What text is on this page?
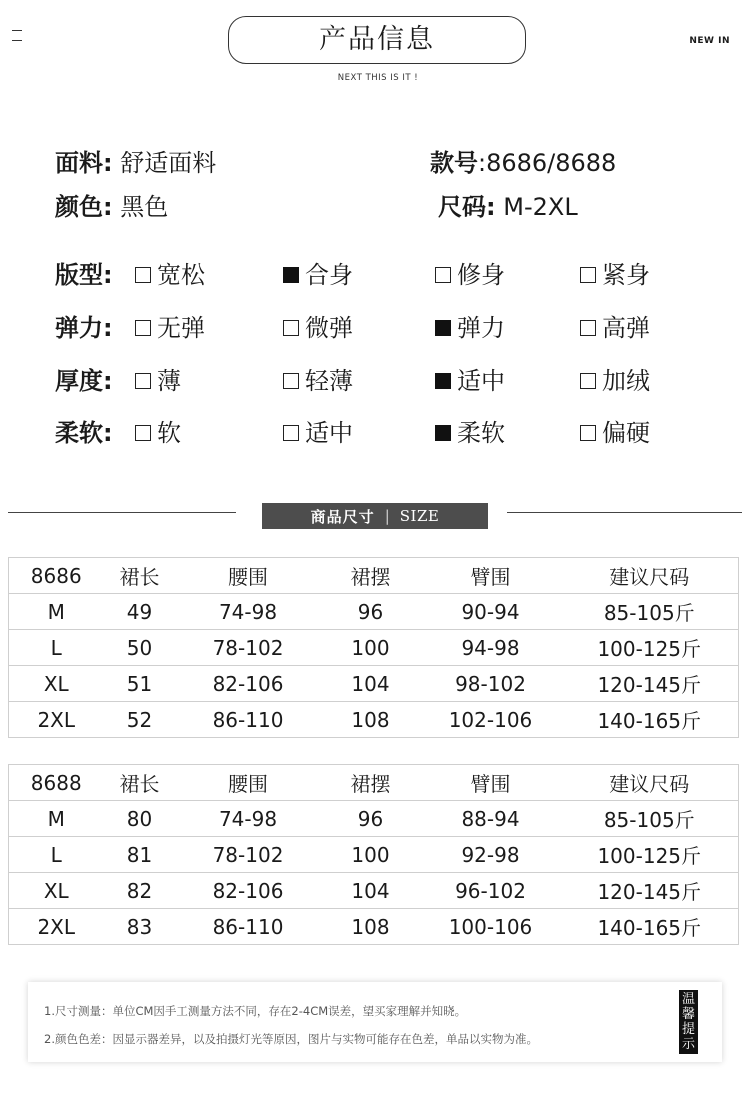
产品信息	NEW IN
NEXT THIS IS IT !
面料: 舒适面料	款号:8686/8688
颜色: 黑色	尺码: M-2XL
版型: 宽松	合身	修身	紧身
弹力: 无弹	微弹	弹力	高弹
厚度: 薄	轻薄	适中	加绒
柔软: 软	适中	柔软	偏硬
商品尺寸 | SIZE
8686	裙长	腰围	裙摆	臂围	建议尺码
M	49	74-98	96	90-94	85-105斤
L	50	78-102	100	94-98	100-125斤
XL	51	82-106	104	98-102	120-145斤
2XL	52	86-110	108	102-106	140-165斤
8688	裙长	腰围	裙摆	臂围	建议尺码
M	80	74-98	96	88-94	85-105斤
L	81	78-102	100	92-98	100-125斤
XL	82	82-106	104	96-102	120-145斤
2XL	83	86-110	108	100-106	140-165斤
1.尺寸测量：单位CM因手工测量方法不同，存在2-4CM误差，望买家理解并知晓。
2.颜色色差：因显示器差异，以及拍摄灯光等原因，图片与实物可能存在色差，单品以实物为准。
温
馨
提
示
